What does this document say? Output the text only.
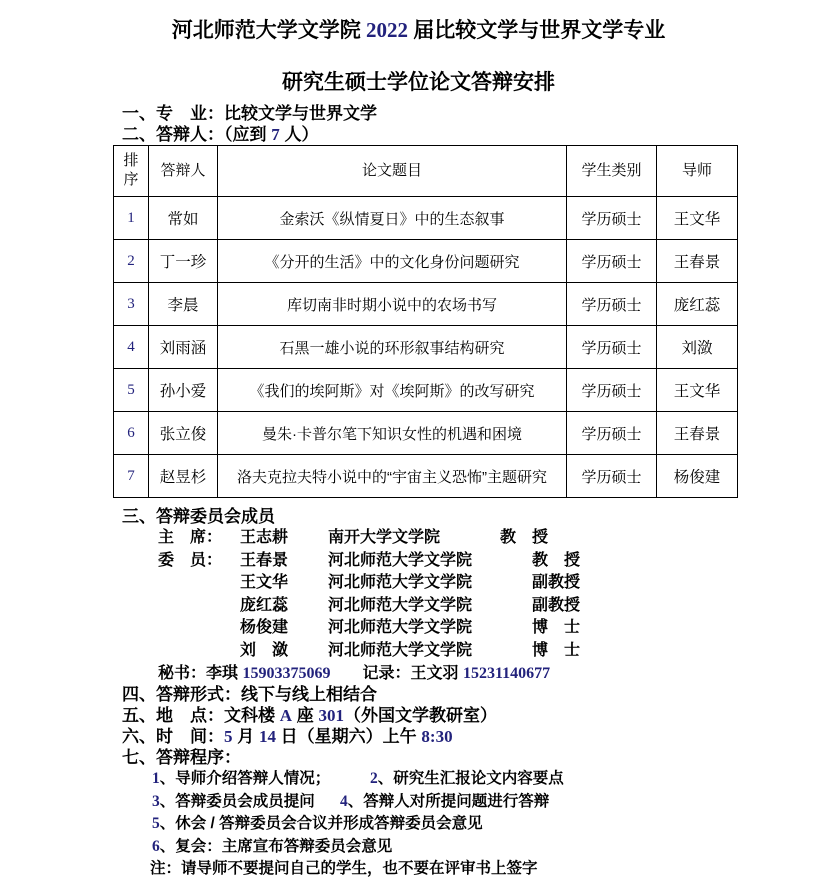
河北师范大学文学院 2022 届比较文学与世界文学专业
研究生硕士学位论文答辩安排
一、专　业：比较文学与世界文学
二、答辩人：（应到 7 人）
排
序	答辩人	论文题目	学生类别	导师
1	常如	金索沃《纵情夏日》中的生态叙事	学历硕士	王文华
2	丁一珍	《分开的生活》中的文化身份问题研究	学历硕士	王春景
3	李晨	库切南非时期小说中的农场书写	学历硕士	庞红蕊
4	刘雨涵	石黑一雄小说的环形叙事结构研究	学历硕士	刘潋
5	孙小爱	《我们的埃阿斯》对《埃阿斯》的改写研究	学历硕士	王文华
6	张立俊	曼朱·卡普尔笔下知识女性的机遇和困境	学历硕士	王春景
7	赵昱杉	洛夫克拉夫特小说中的“宇宙主义恐怖”主题研究	学历硕士	杨俊建
三、答辩委员会成员
主　席：	王志耕	南开大学文学院	教　授
委　员：	王春景	河北师范大学文学院	教　授
王文华	河北师范大学文学院	副教授
庞红蕊	河北师范大学文学院	副教授
杨俊建	河北师范大学文学院	博　士
刘　潋	河北师范大学文学院	博　士
秘书：李琪 15903375069　　 记录：王文羽 15231140677
四、答辩形式：线下与线上相结合
五、地　点：文科楼 A 座 301（外国文学教研室）
六、时　间：5 月 14 日（星期六）上午 8:30
七、答辩程序：
1、导师介绍答辩人情况；	2、研究生汇报论文内容要点
3、答辩委员会成员提问 4、答辩人对所提问题进行答辩
5、休会 / 答辩委员会合议并形成答辩委员会意见
6、复会：主席宣布答辩委员会意见
注：请导师不要提问自己的学生，也不要在评审书上签字
